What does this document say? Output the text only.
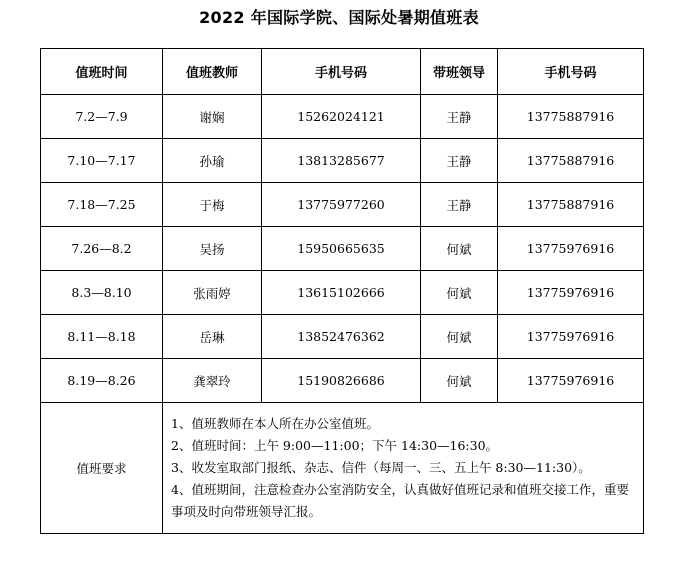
2022 年国际学院、国际处暑期值班表
值班时间	值班教师	手机号码	带班领导	手机号码
7.2—7.9	谢娴	15262024121	王静	13775887916
7.10—7.17	孙瑜	13813285677	王静	13775887916
7.18—7.25	于梅	13775977260	王静	13775887916
7.26—8.2	吴扬	15950665635	何斌	13775976916
8.3—8.10	张雨婷	13615102666	何斌	13775976916
8.11—8.18	岳琳	13852476362	何斌	13775976916
8.19—8.26	龚翠玲	15190826686	何斌	13775976916
值班要求	1、值班教师在本人所在办公室值班。
2、值班时间：上午 9:00—11:00；下午 14:30—16:30。
3、收发室取部门报纸、杂志、信件（每周一、三、五上午 8:30—11:30）。
4、值班期间，注意检查办公室消防安全，认真做好值班记录和值班交接工作，重要事项及时向带班领导汇报。			
